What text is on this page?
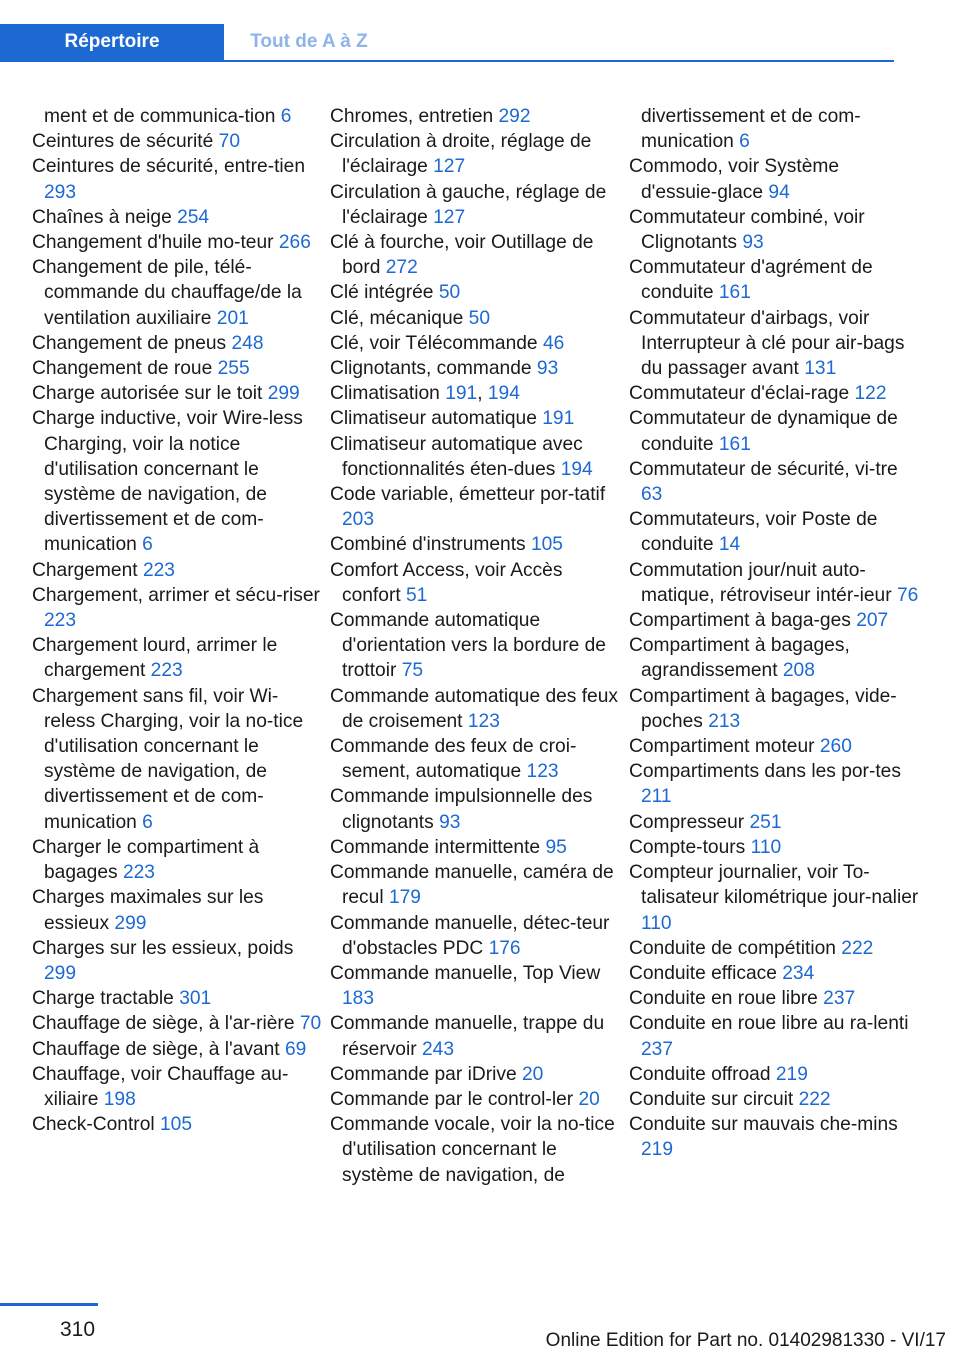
Répertoire	Tout de A à Z
ment et de communica-tion 6
Ceintures de sécurité 70
Ceintures de sécurité, entre-tien 293
Chaînes à neige 254
Changement d'huile mo-teur 266
Changement de pile, télé-commande du chauffage/de la ventilation auxiliaire 201
Changement de pneus 248
Changement de roue 255
Charge autorisée sur le toit 299
Charge inductive, voir Wire-less Charging, voir la notice d'utilisation concernant le système de navigation, de divertissement et de com-munication 6
Chargement 223
Chargement, arrimer et sécu-riser 223
Chargement lourd, arrimer le chargement 223
Chargement sans fil, voir Wi-reless Charging, voir la no-tice d'utilisation concernant le système de navigation, de divertissement et de com-munication 6
Charger le compartiment à bagages 223
Charges maximales sur les essieux 299
Charges sur les essieux, poids 299
Charge tractable 301
Chauffage de siège, à l'ar-rière 70
Chauffage de siège, à l'avant 69
Chauffage, voir Chauffage au-xiliaire 198
Check-Control 105
Chromes, entretien 292
Circulation à droite, réglage de l'éclairage 127
Circulation à gauche, réglage de l'éclairage 127
Clé à fourche, voir Outillage de bord 272
Clé intégrée 50
Clé, mécanique 50
Clé, voir Télécommande 46
Clignotants, commande 93
Climatisation 191, 194
Climatiseur automatique 191
Climatiseur automatique avec fonctionnalités éten-dues 194
Code variable, émetteur por-tatif 203
Combiné d'instruments 105
Comfort Access, voir Accès confort 51
Commande automatique d'orientation vers la bordure de trottoir 75
Commande automatique des feux de croisement 123
Commande des feux de croi-sement, automatique 123
Commande impulsionnelle des clignotants 93
Commande intermittente 95
Commande manuelle, caméra de recul 179
Commande manuelle, détec-teur d'obstacles PDC 176
Commande manuelle, Top View 183
Commande manuelle, trappe du réservoir 243
Commande par iDrive 20
Commande par le control-ler 20
Commande vocale, voir la no-tice d'utilisation concernant le système de navigation, de
divertissement et de com-munication 6
Commodo, voir Système d'essuie-glace 94
Commutateur combiné, voir Clignotants 93
Commutateur d'agrément de conduite 161
Commutateur d'airbags, voir Interrupteur à clé pour air-bags du passager avant 131
Commutateur d'éclai-rage 122
Commutateur de dynamique de conduite 161
Commutateur de sécurité, vi-tre 63
Commutateurs, voir Poste de conduite 14
Commutation jour/nuit auto-matique, rétroviseur intér-ieur 76
Compartiment à baga-ges 207
Compartiment à bagages, agrandissement 208
Compartiment à bagages, vide-poches 213
Compartiment moteur 260
Compartiments dans les por-tes 211
Compresseur 251
Compte-tours 110
Compteur journalier, voir To-talisateur kilométrique jour-nalier 110
Conduite de compétition 222
Conduite efficace 234
Conduite en roue libre 237
Conduite en roue libre au ra-lenti 237
Conduite offroad 219
Conduite sur circuit 222
Conduite sur mauvais che-mins 219
310	Online Edition for Part no. 01402981330 - VI/17
